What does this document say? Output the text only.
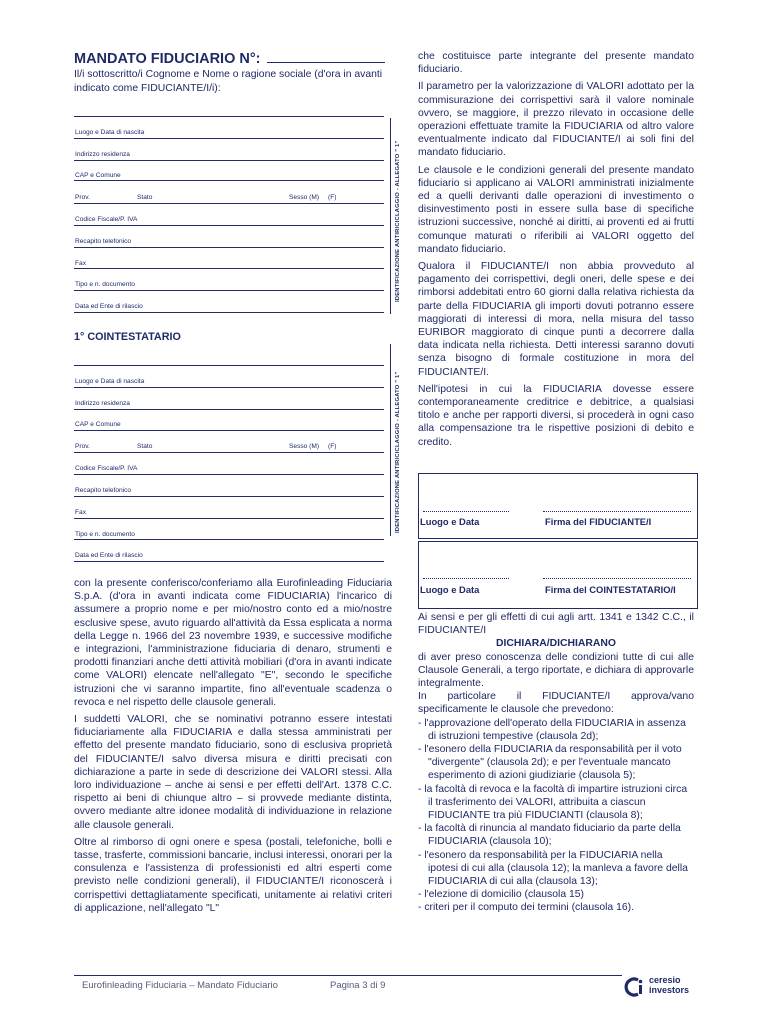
MANDATO FIDUCIARIO N°:
Il/i sottoscritto/i Cognome e Nome o ragione sociale (d'ora in avanti indicato come FIDUCIANTE/I/i):
Luogo e Data di nascita
Indirizzo residenza
CAP e Comune
Prov.	Stato	Sesso (M) (F)
Codice Fiscale/P. IVA
Recapito telefonico
Fax
Tipo e n. documento
Data ed Ente di rilascio
IDENTIFICAZIONE ANTIRICICLAGGIO - ALLEGATO " 1"
1° COINTESTATARIO
Luogo e Data di nascita
Indirizzo residenza
CAP e Comune
Prov.	Stato	Sesso (M) (F)
Codice Fiscale/P. IVA
Recapito telefonico
Fax
Tipo e n. documento
Data ed Ente di rilascio
IDENTIFICAZIONE ANTIRICICLAGGIO - ALLEGATO " 1"

con la presente conferisco/conferiamo alla Eurofinleading Fiduciaria S.p.A. (d'ora in avanti indicata come FIDUCIARIA) l'incarico di assumere a proprio nome e per mio/nostro conto ed a mio/nostre esclusive spese, avuto riguardo all'attività da Essa esplicata a norma della Legge n. 1966 del 23 novembre 1939, e successive modifiche e integrazioni, l'amministrazione fiduciaria di denaro, strumenti e prodotti finanziari anche detti attività mobiliari (d'ora in avanti indicate come VALORI) elencate nell'allegato "E", secondo le specifiche istruzioni che vi saranno impartite, fino all'eventuale scadenza o revoca e nel rispetto delle clausole generali.

I suddetti VALORI, che se nominativi potranno essere intestati fiduciariamente alla FIDUCIARIA e dalla stessa amministrati per effetto del presente mandato fiduciario, sono di esclusiva proprietà del FIDUCIANTE/I salvo diversa misura e diritti precisati con dichiarazione a parte in sede di descrizione dei VALORI stessi. Alla loro individuazione – anche ai sensi e per effetti dell'Art. 1378 C.C. rispetto ai beni di chiunque altro – si provvede mediante distinta, ovvero mediante altre idonee modalità di individuazione in relazione alle clausole generali.

Oltre al rimborso di ogni onere e spesa (postali, telefoniche, bolli e tasse, trasferte, commissioni bancarie, inclusi interessi, onorari per la consulenza e l'assistenza di professionisti ed altri esperti come previsto nelle condizioni generali), il FIDUCIANTE/I riconoscerà i corrispettivi dettagliatamente specificati, unitamente ai relativi criteri di applicazione, nell'allegato "L"

che costituisce parte integrante del presente mandato fiduciario.

Il parametro per la valorizzazione di VALORI adottato per la commisurazione dei corrispettivi sarà il valore nominale ovvero, se maggiore, il prezzo rilevato in occasione delle operazioni effettuate tramite la FIDUCIARIA od altro valore eventualmente indicato dal FIDUCIANTE/I ai soli fini del mandato fiduciario.

Le clausole e le condizioni generali del presente mandato fiduciario si applicano ai VALORI amministrati inizialmente ed a quelli derivanti dalle operazioni di investimento o disinvestimento posti in essere sulla base di specifiche istruzioni successive, nonché ai diritti, ai proventi ed ai frutti comunque maturati o riferibili ai VALORI oggetto del mandato fiduciario.

Qualora il FIDUCIANTE/I non abbia provveduto al pagamento dei corrispettivi, degli oneri, delle spese e dei rimborsi addebitati entro 60 giorni dalla relativa richiesta da parte della FIDUCIARIA gli importi dovuti potranno essere maggiorati di interessi di mora, nella misura del tasso EURIBOR maggiorato di cinque punti a decorrere dalla data indicata nella richiesta. Detti interessi saranno dovuti senza bisogno di formale costituzione in mora del FIDUCIANTE/I.

Nell'ipotesi in cui la FIDUCIARIA dovesse essere contemporaneamente creditrice e debitrice, a qualsiasi titolo e anche per rapporti diversi, si procederà in ogni caso alla compensazione tra le rispettive posizioni di debito e credito.

Luogo e Data	Firma del FIDUCIANTE/I
Luogo e Data	Firma del COINTESTATARIO/I
Ai sensi e per gli effetti di cui agli artt. 1341 e 1342 C.C., il FIDUCIANTE/I
DICHIARA/DICHIARANO
di aver preso conoscenza delle condizioni tutte di cui alle Clausole Generali, a tergo riportate, e dichiara di approvarle integralmente.
In particolare il FIDUCIANTE/I approva/vano specificamente le clausole che prevedono:
- l'approvazione dell'operato della FIDUCIARIA in assenza di istruzioni tempestive (clausola 2d);
- l'esonero della FIDUCIARIA da responsabilità per il voto "divergente" (clausola 2d); e per l'eventuale mancato esperimento di azioni giudiziarie (clausola 5);
- la facoltà di revoca e la facoltà di impartire istruzioni circa il trasferimento dei VALORI, attribuita a ciascun FIDUCIANTE tra più FIDUCIANTI (clausola 8);
- la facoltà di rinuncia al mandato fiduciario da parte della FIDUCIARIA (clausola 10);
- l'esonero da responsabilità per la FIDUCIARIA nella ipotesi di cui alla (clausola 12); la manleva a favore della FIDUCIARIA di cui alla (clausola 13);
- l'elezione di domicilio (clausola 15)
- criteri per il computo dei termini (clausola 16).
Eurofinleading Fiduciaria – Mandato Fiduciario	Pagina 3 di 9	ceresio
investors
